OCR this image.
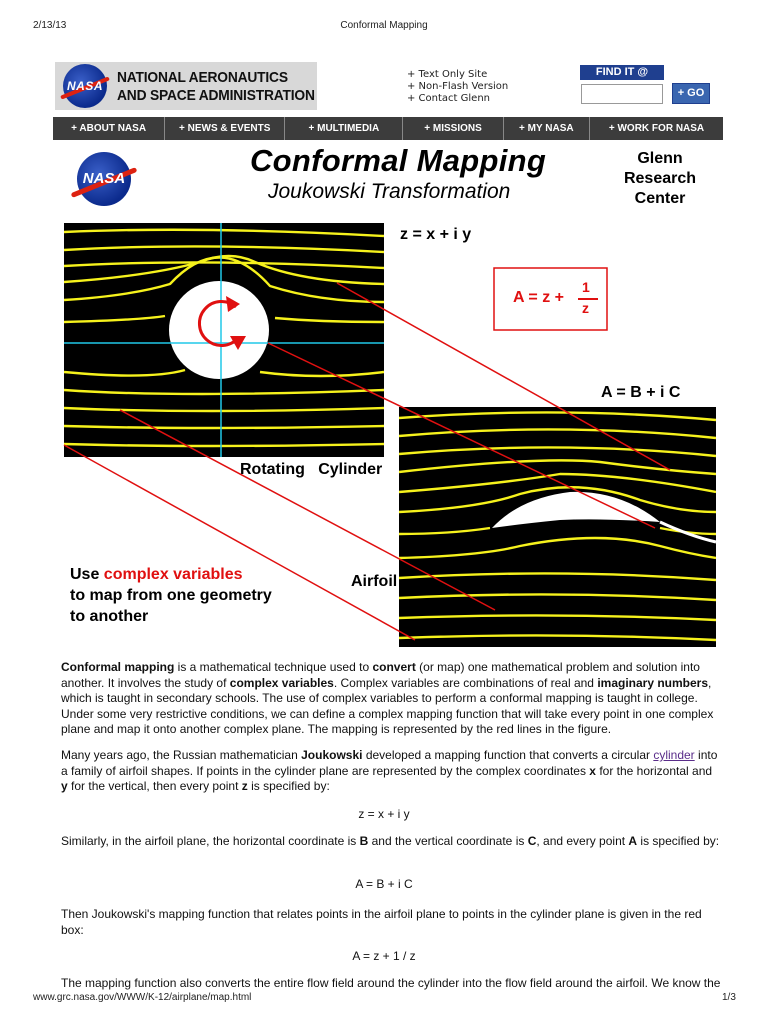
2/13/13	Conformal Mapping
NASA NATIONAL AERONAUTICS
AND SPACE ADMINISTRATION
+ Text Only Site
+ Non-Flash Version
+ Contact Glenn
FIND IT @
+ GO
+ ABOUT NASA	+ NEWS & EVENTS	+ MULTIMEDIA	+ MISSIONS	+ MY NASA	+ WORK FOR NASA
NASA
Conformal Mapping
Joukowski Transformation
Glenn
Research
Center
z = x + i y
A = B + i C
A = z +
1
z
Rotating   Cylinder
Airfoil
Use complex variables
to map from one geometry
to another
Conformal mapping is a mathematical technique used to convert (or map) one mathematical problem and solution into another. It involves the study of complex variables. Complex variables are combinations of real and imaginary numbers, which is taught in secondary schools. The use of complex variables to perform a conformal mapping is taught in college. Under some very restrictive conditions, we can define a complex mapping function that will take every point in one complex plane and map it onto another complex plane. The mapping is represented by the red lines in the figure.
Many years ago, the Russian mathematician Joukowski developed a mapping function that converts a circular cylinder into a family of airfoil shapes. If points in the cylinder plane are represented by the complex coordinates x for the horizontal and y for the vertical, then every point z is specified by:
z = x + i y
Similarly, in the airfoil plane, the horizontal coordinate is B and the vertical coordinate is C, and every point A is specified by:
A = B + i C
Then Joukowski's mapping function that relates points in the airfoil plane to points in the cylinder plane is given in the red box:
A = z + 1 / z
The mapping function also converts the entire flow field around the cylinder into the flow field around the airfoil. We know the
www.grc.nasa.gov/WWW/K-12/airplane/map.html	1/3
